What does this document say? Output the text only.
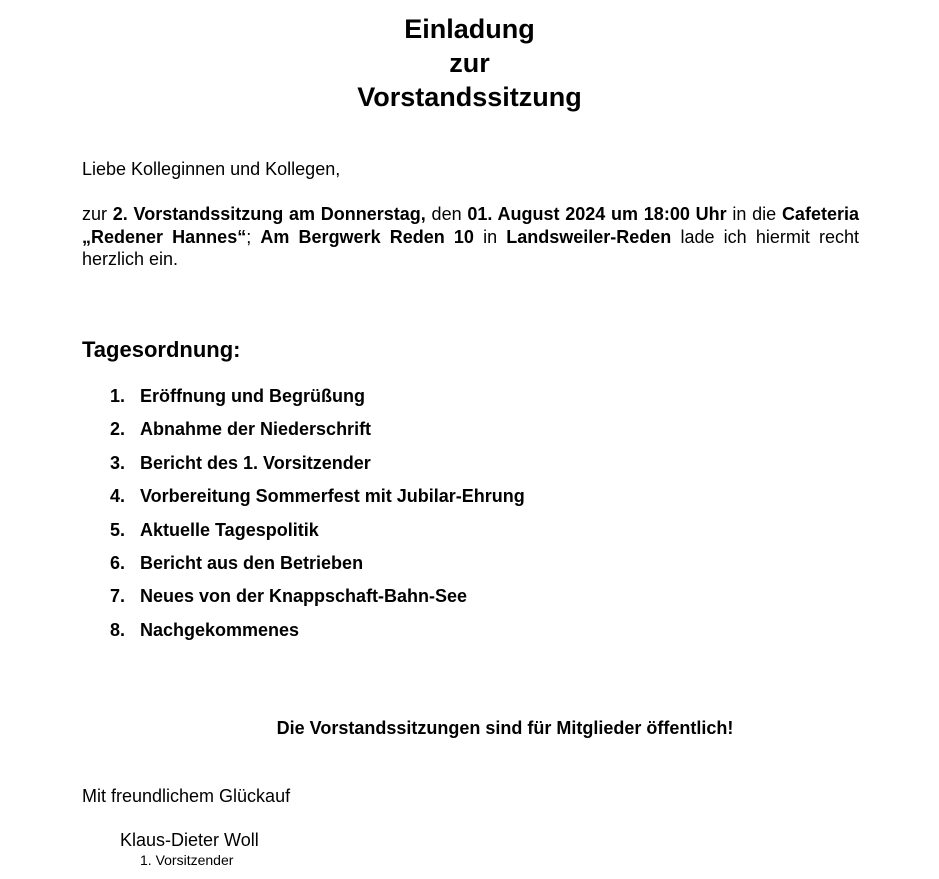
Einladung
zur
Vorstandssitzung
Liebe Kolleginnen und Kollegen,
zur 2. Vorstandssitzung am Donnerstag, den 01. August 2024 um 18:00 Uhr in die Cafeteria „Redener Hannes“; Am Bergwerk Reden 10 in Landsweiler-Reden lade ich hiermit recht herzlich ein.
Tagesordnung:
1. Eröffnung und Begrüßung
2. Abnahme der Niederschrift
3. Bericht des 1. Vorsitzender
4. Vorbereitung Sommerfest mit Jubilar-Ehrung
5. Aktuelle Tagespolitik
6. Bericht aus den Betrieben
7. Neues von der Knappschaft-Bahn-See
8. Nachgekommenes
Die Vorstandssitzungen sind für Mitglieder öffentlich!
Mit freundlichem Glückauf
Klaus-Dieter Woll
1. Vorsitzender
